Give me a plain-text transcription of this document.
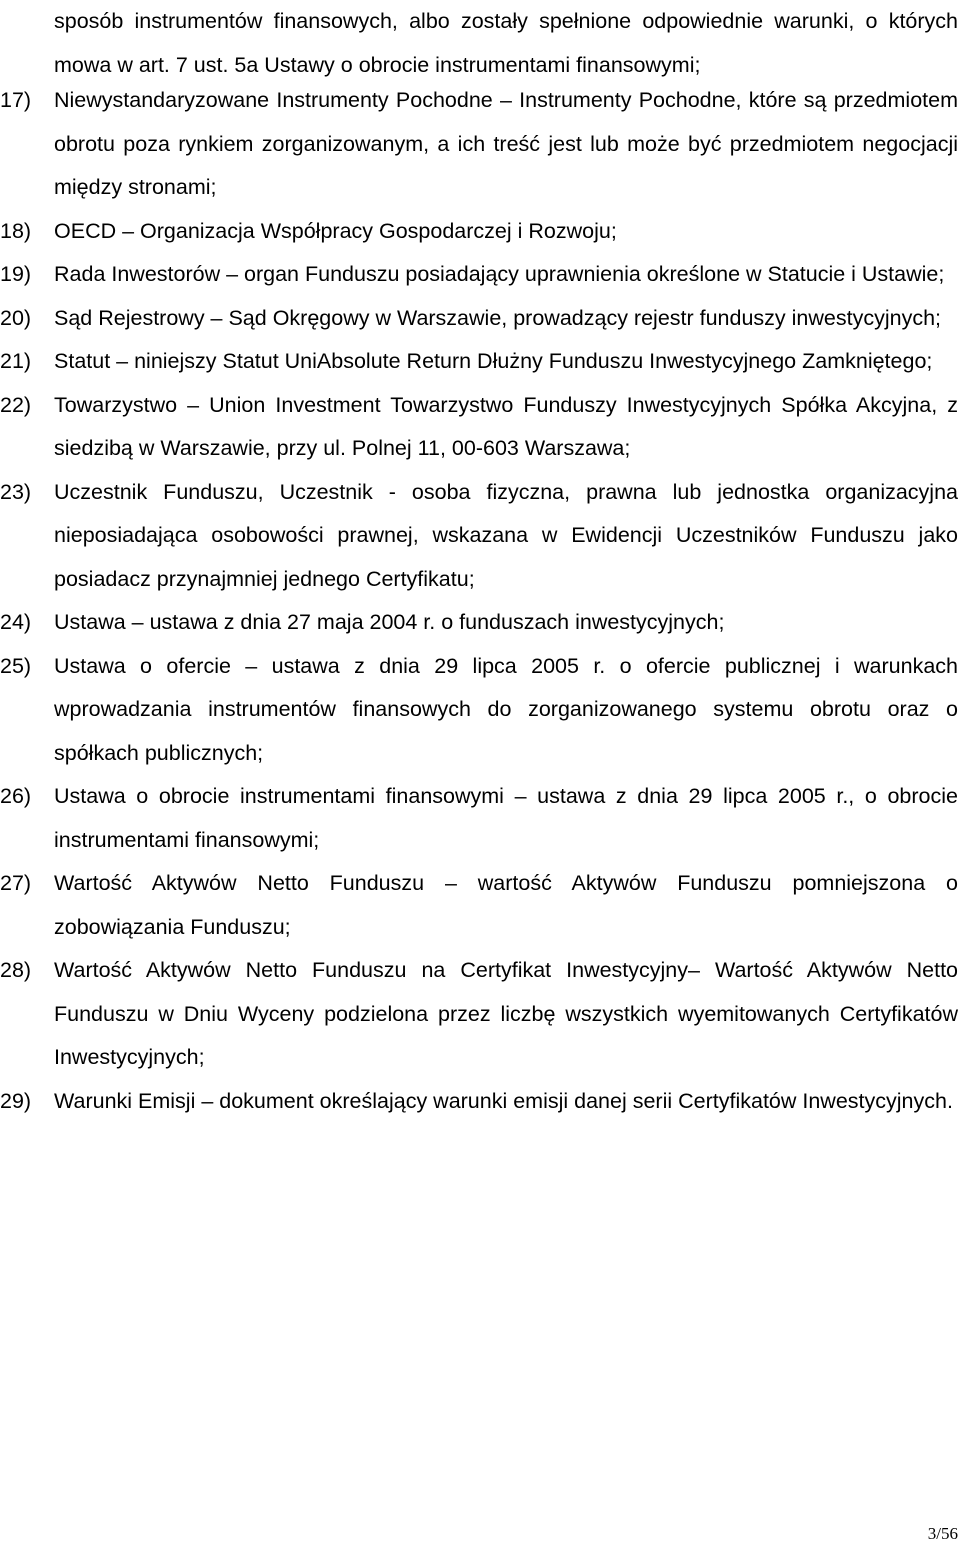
sposób instrumentów finansowych, albo zostały spełnione odpowiednie warunki, o których mowa w art. 7 ust. 5a Ustawy o obrocie instrumentami finansowymi;

17)	Niewystandaryzowane Instrumenty Pochodne – Instrumenty Pochodne, które są przedmiotem obrotu poza rynkiem zorganizowanym, a ich treść jest lub może być przedmiotem negocjacji między stronami;
18)	OECD – Organizacja Współpracy Gospodarczej i Rozwoju;
19)	Rada Inwestorów – organ Funduszu posiadający uprawnienia określone w Statucie i Ustawie;
20)	Sąd Rejestrowy – Sąd Okręgowy w Warszawie, prowadzący rejestr funduszy inwestycyjnych;
21)	Statut – niniejszy Statut UniAbsolute Return Dłużny Funduszu Inwestycyjnego Zamkniętego;
22)	Towarzystwo – Union Investment Towarzystwo Funduszy Inwestycyjnych Spółka Akcyjna, z siedzibą w Warszawie, przy ul. Polnej 11, 00-603 Warszawa;
23)	Uczestnik Funduszu, Uczestnik - osoba fizyczna, prawna lub jednostka organizacyjna nieposiadająca osobowości prawnej, wskazana w Ewidencji Uczestników Funduszu jako posiadacz przynajmniej jednego Certyfikatu;
24)	Ustawa – ustawa z dnia 27 maja 2004 r. o funduszach inwestycyjnych;
25)	Ustawa o ofercie – ustawa z dnia 29 lipca 2005 r. o ofercie publicznej i warunkach wprowadzania instrumentów finansowych do zorganizowanego systemu obrotu oraz o spółkach publicznych;
26)	Ustawa o obrocie instrumentami finansowymi – ustawa z dnia 29 lipca 2005 r., o obrocie instrumentami finansowymi;
27)	Wartość Aktywów Netto Funduszu – wartość Aktywów Funduszu pomniejszona o zobowiązania Funduszu;
28)	Wartość Aktywów Netto Funduszu na Certyfikat Inwestycyjny– Wartość Aktywów Netto Funduszu w Dniu Wyceny podzielona przez liczbę wszystkich wyemitowanych Certyfikatów Inwestycyjnych;
29)	Warunki Emisji – dokument określający warunki emisji danej serii Certyfikatów Inwestycyjnych.
3/56
